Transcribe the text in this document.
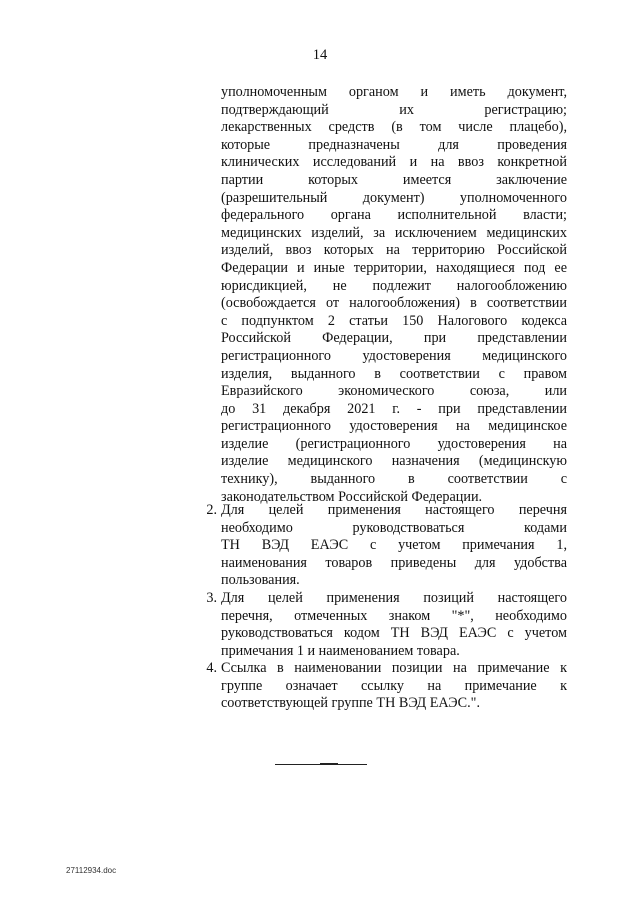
14
уполномоченным органом и иметь документ,
подтверждающий их регистрацию;
лекарственных средств (в том числе плацебо),
которые предназначены для проведения
клинических исследований и на ввоз конкретной
партии которых имеется заключение
(разрешительный документ) уполномоченного
федерального органа исполнительной власти;
медицинских изделий, за исключением медицинских
изделий, ввоз которых на территорию Российской
Федерации и иные территории, находящиеся под ее
юрисдикцией, не подлежит налогообложению
(освобождается от налогообложения) в соответствии
с подпунктом 2 статьи 150 Налогового кодекса
Российской Федерации, при представлении
регистрационного удостоверения медицинского
изделия, выданного в соответствии с правом
Евразийского экономического союза, или
до 31 декабря 2021 г. - при представлении
регистрационного удостоверения на медицинское
изделие (регистрационного удостоверения на
изделие медицинского назначения (медицинскую
технику), выданного в соответствии с
законодательством Российской Федерации.
2. Для целей применения настоящего перечня
необходимо руководствоваться кодами
ТН ВЭД ЕАЭС с учетом примечания 1,
наименования товаров приведены для удобства
пользования.
3. Для целей применения позиций настоящего
перечня, отмеченных знаком "*", необходимо
руководствоваться кодом ТН ВЭД ЕАЭС с учетом
примечания 1 и наименованием товара.
4. Ссылка в наименовании позиции на примечание к
группе означает ссылку на примечание к
соответствующей группе ТН ВЭД ЕАЭС.".
27112934.doc
